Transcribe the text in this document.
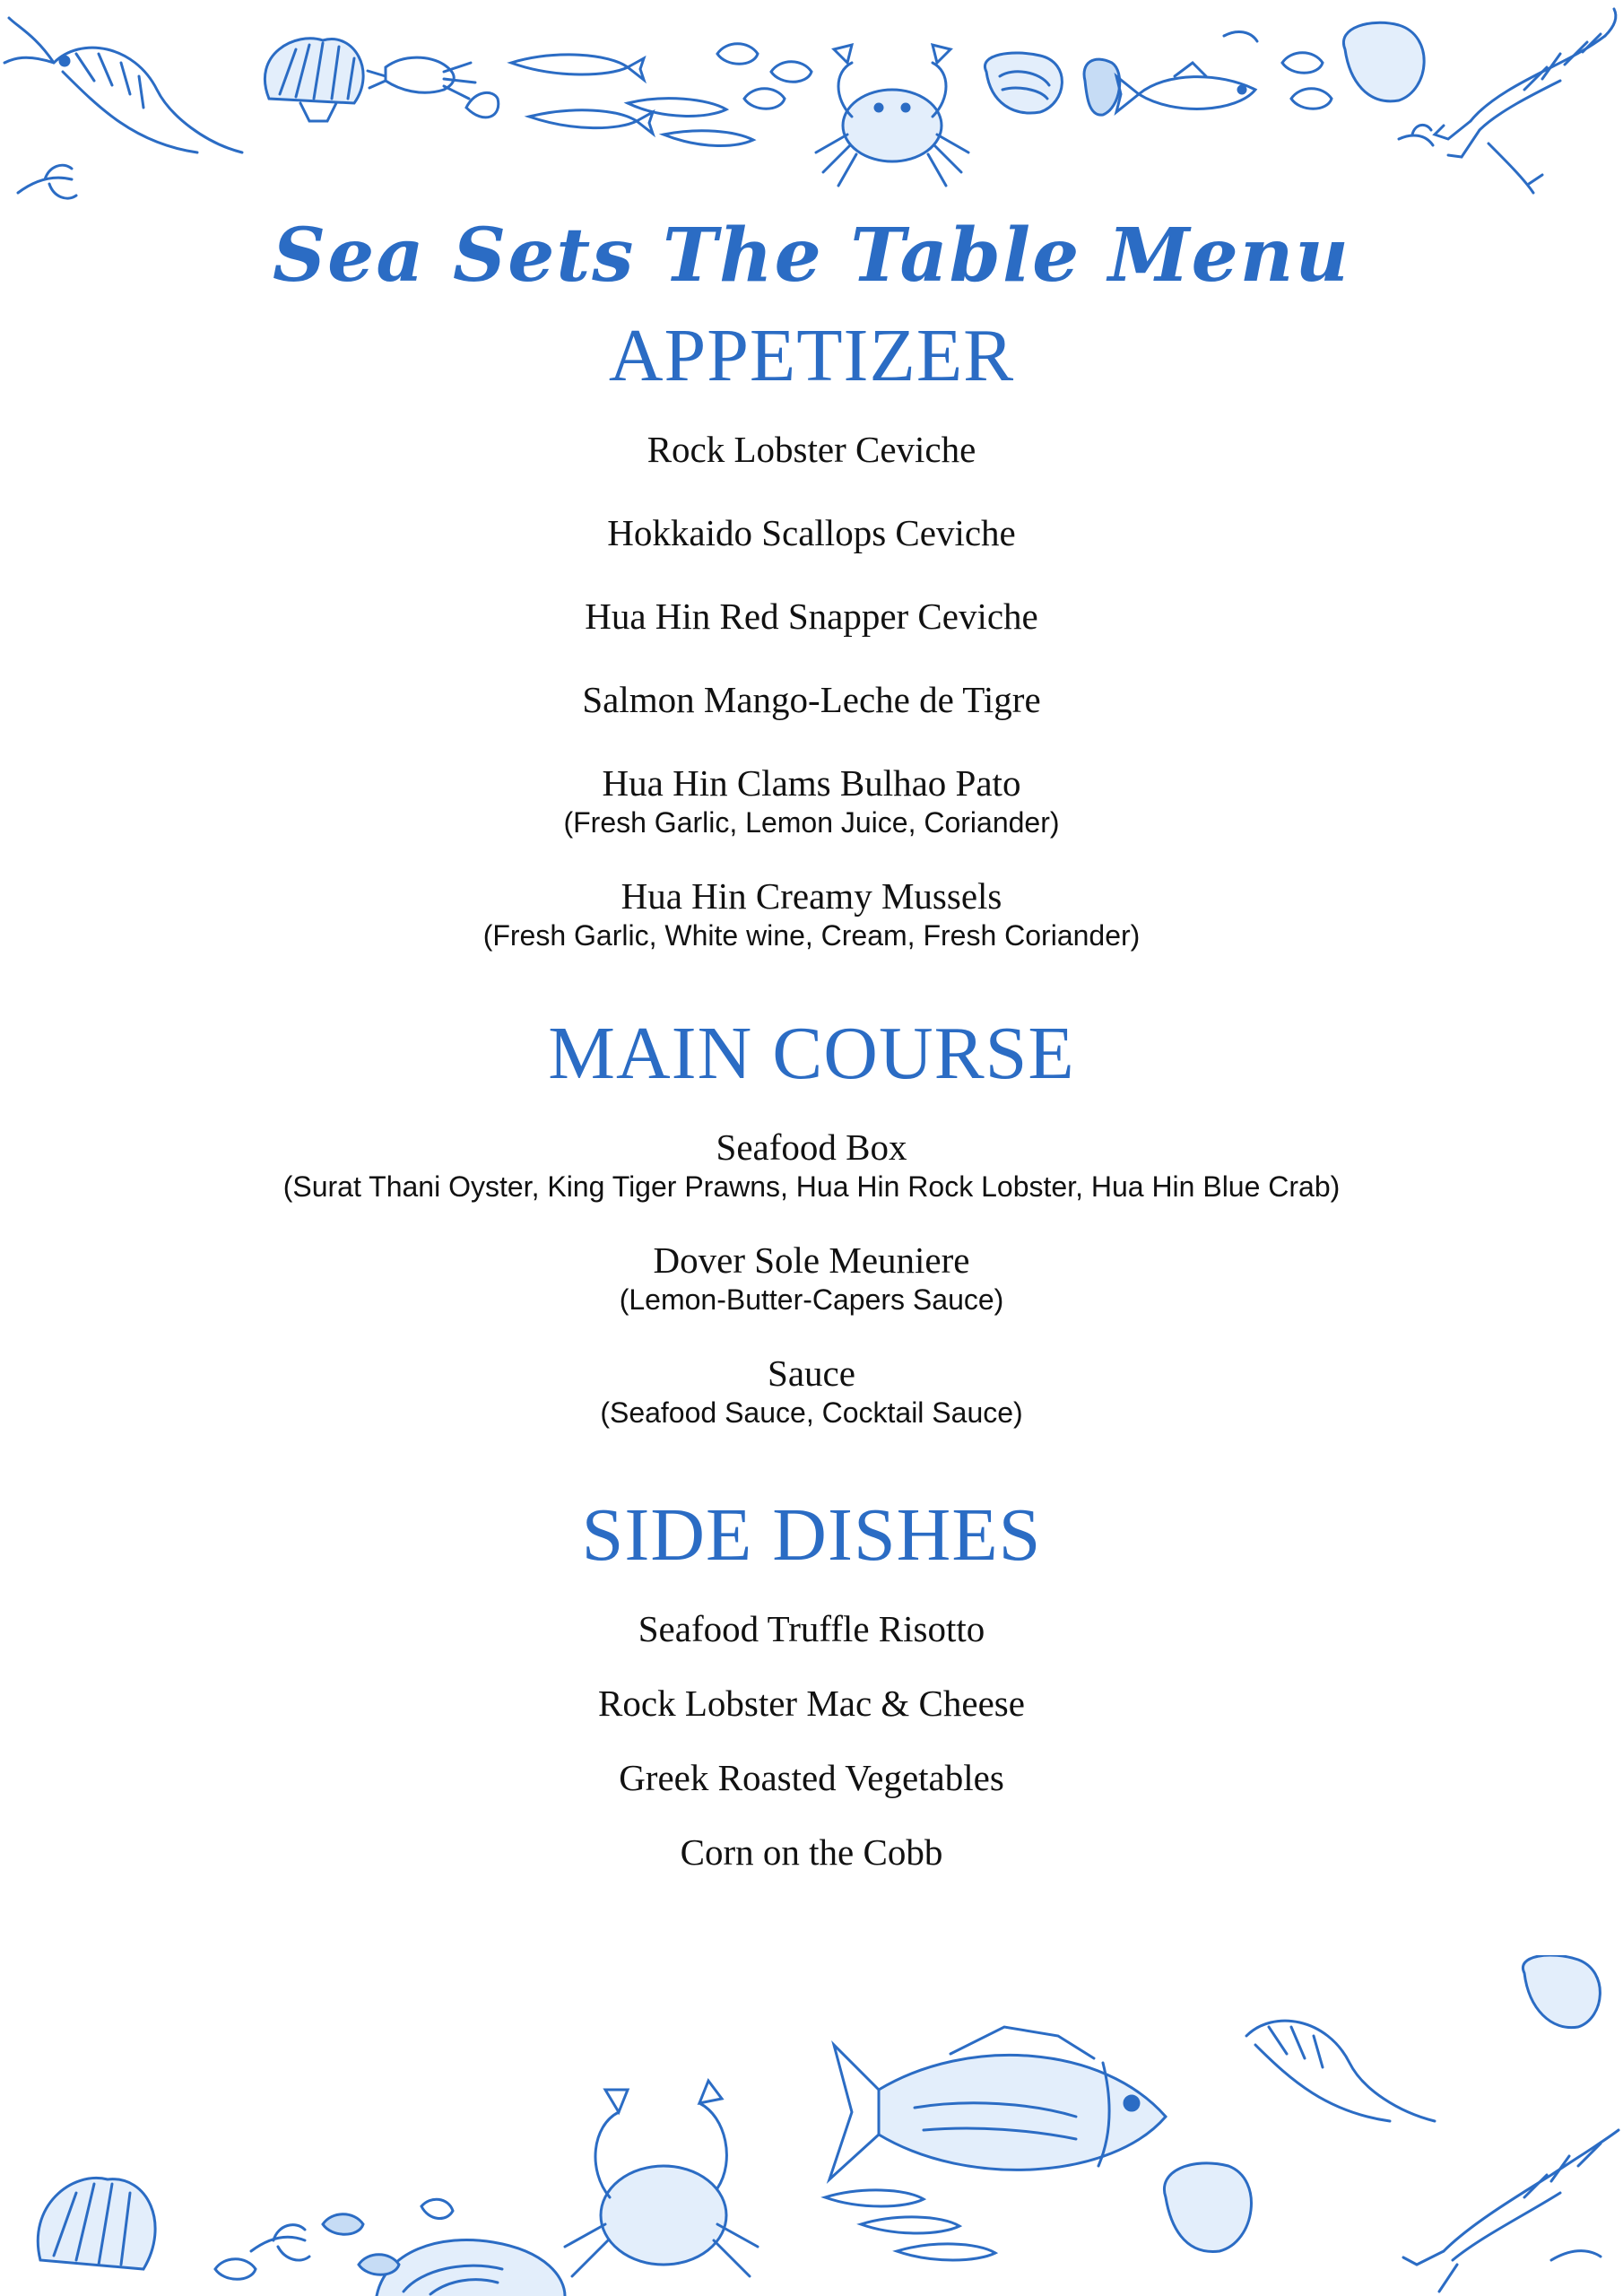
Sea Sets The Table Menu
APPETIZER
Rock Lobster Ceviche
Hokkaido Scallops Ceviche
Hua Hin Red Snapper Ceviche
Salmon Mango-Leche de Tigre
Hua Hin Clams Bulhao Pato
(Fresh Garlic, Lemon Juice, Coriander)
Hua Hin Creamy Mussels
(Fresh Garlic, White wine, Cream, Fresh Coriander)
MAIN COURSE
Seafood Box
(Surat Thani Oyster, King Tiger Prawns, Hua Hin Rock Lobster, Hua Hin Blue Crab)
Dover Sole Meuniere
(Lemon-Butter-Capers Sauce)
Sauce
(Seafood Sauce, Cocktail Sauce)
SIDE DISHES
Seafood Truffle Risotto
Rock Lobster Mac & Cheese
Greek Roasted Vegetables
Corn on the Cobb
